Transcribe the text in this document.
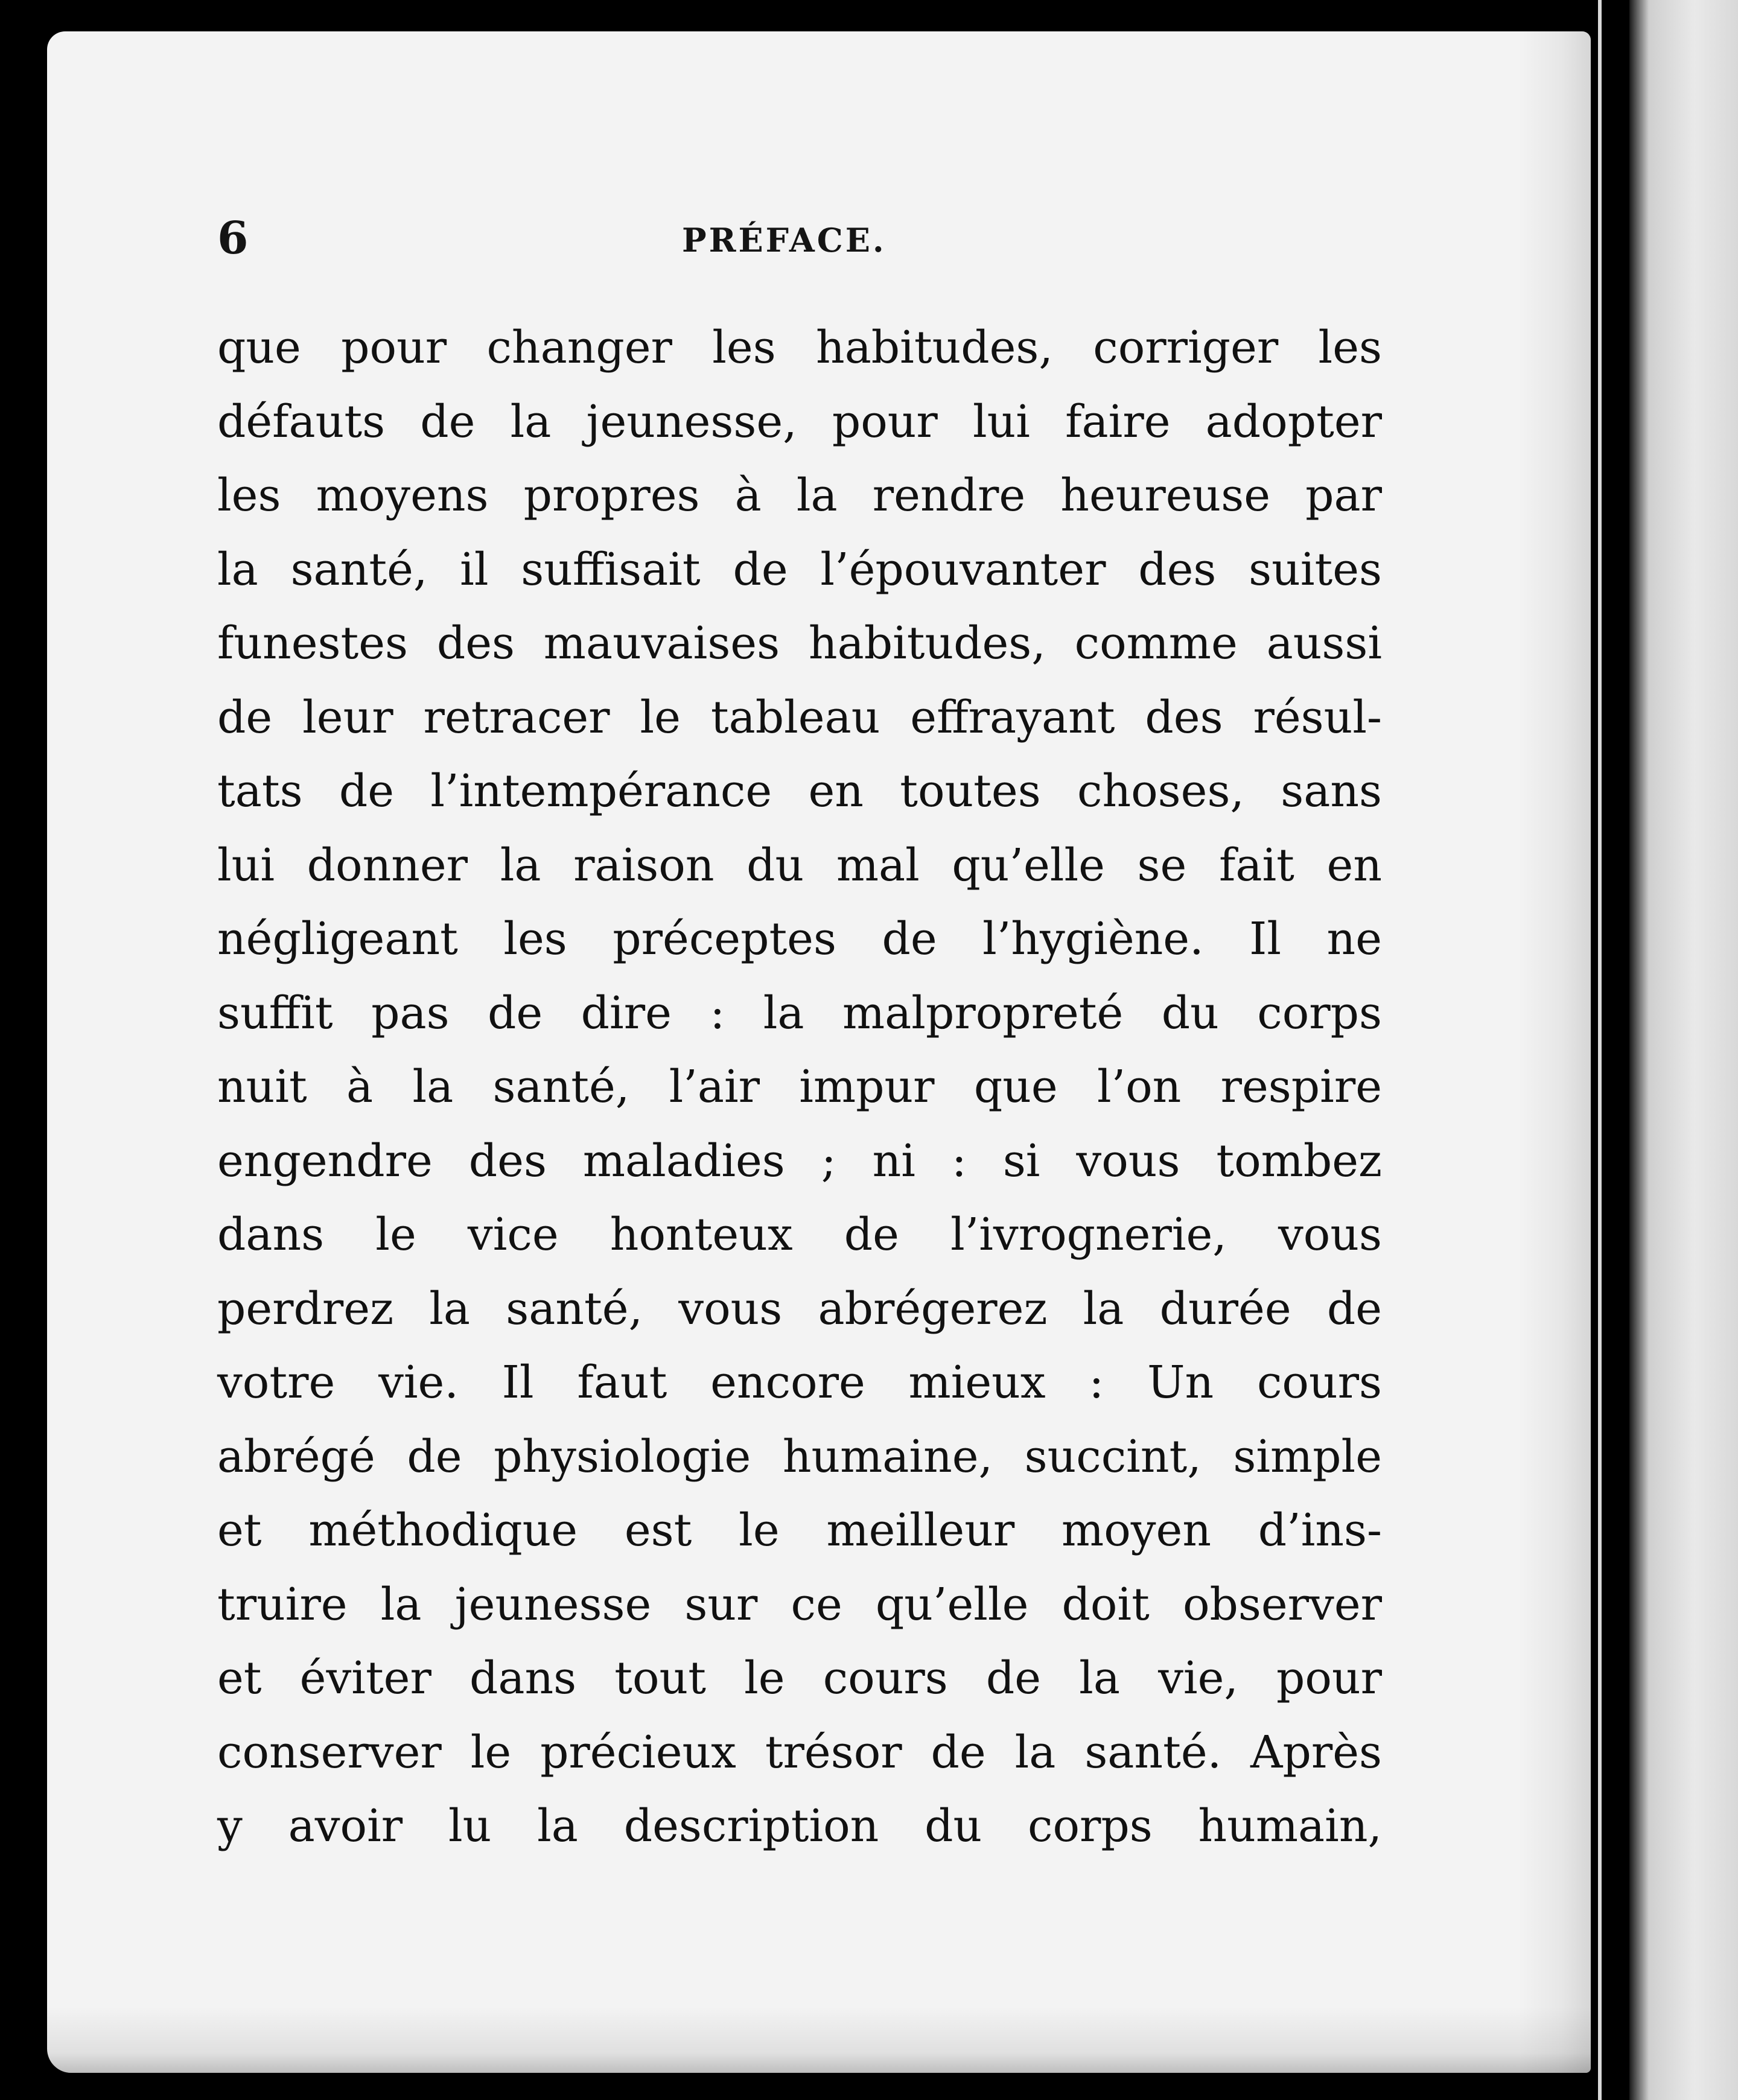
6	PRÉFACE.
que pour changer les habitudes, corriger les
défauts de la jeunesse, pour lui faire adopter
les moyens propres à la rendre heureuse par
la santé, il suffisait de l’épouvanter des suites
funestes des mauvaises habitudes, comme aussi
de leur retracer le tableau effrayant des résul-
tats de l’intempérance en toutes choses, sans
lui donner la raison du mal qu’elle se fait en
négligeant les préceptes de l’hygiène. Il ne
suffit pas de dire : la malpropreté du corps
nuit à la santé, l’air impur que l’on respire
engendre des maladies ; ni : si vous tombez
dans le vice honteux de l’ivrognerie, vous
perdrez la santé, vous abrégerez la durée de
votre vie. Il faut encore mieux : Un cours
abrégé de physiologie humaine, succint, simple
et méthodique est le meilleur moyen d’ins-
truire la jeunesse sur ce qu’elle doit observer
et éviter dans tout le cours de la vie, pour
conserver le précieux trésor de la santé. Après
y avoir lu la description du corps humain,
